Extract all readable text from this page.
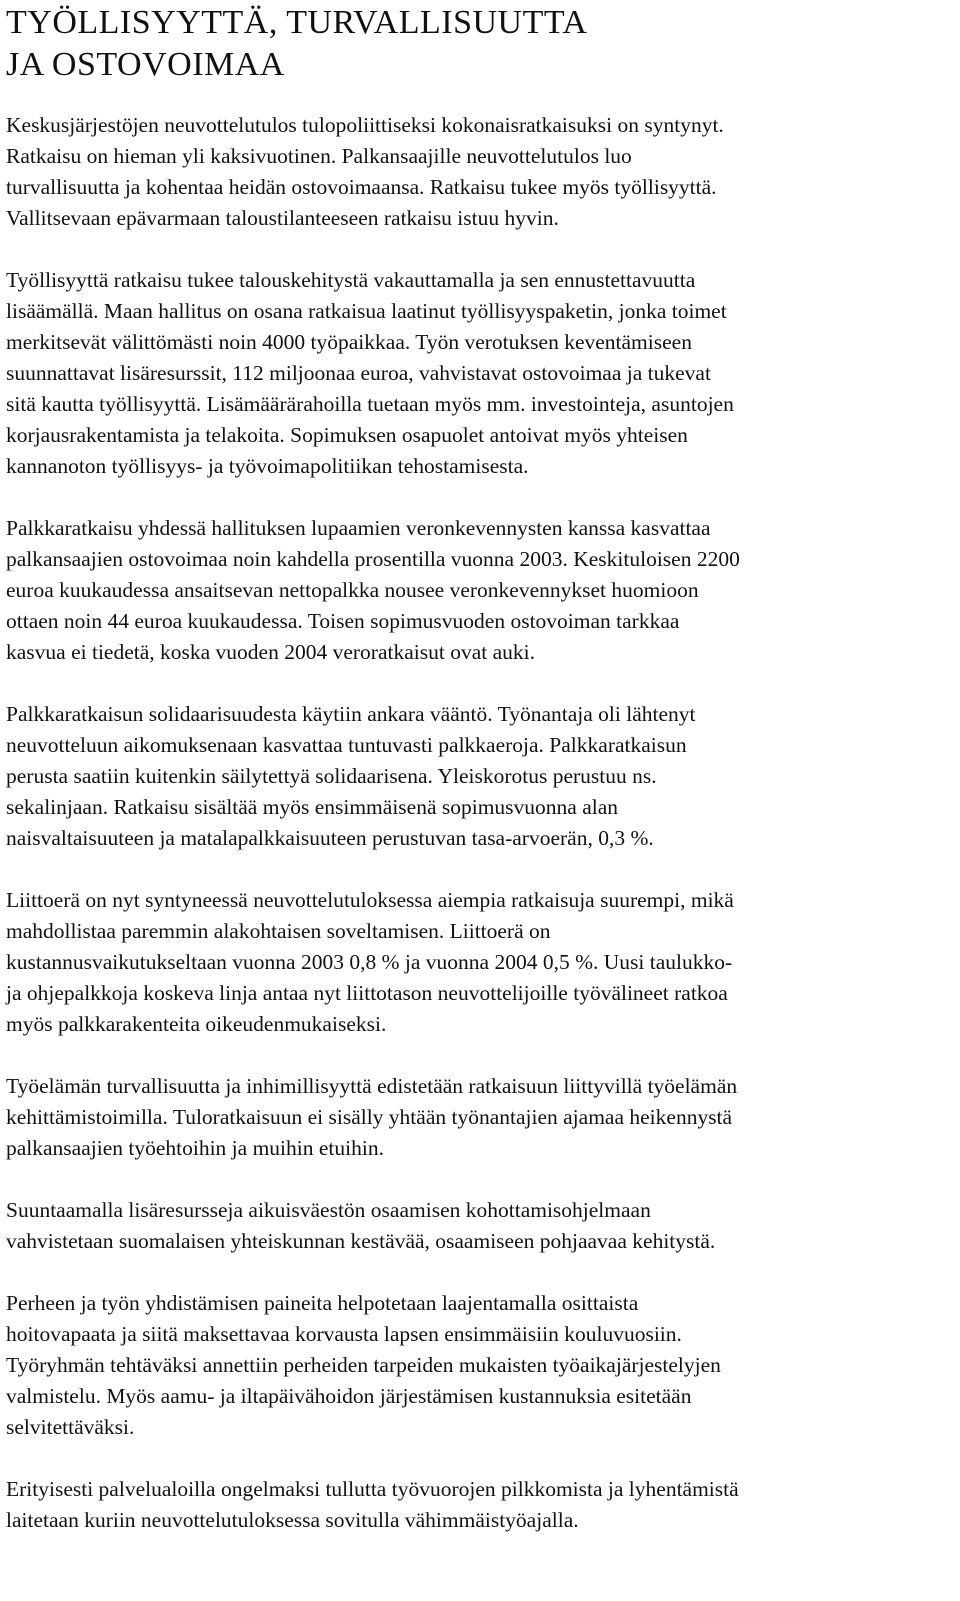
TYÖLLISYYTTÄ, TURVALLISUUTTA
JA OSTOVOIMAA

Keskusjärjestöjen neuvottelutulos tulopoliittiseksi kokonaisratkaisuksi on syntynyt.
Ratkaisu on hieman yli kaksivuotinen. Palkansaajille neuvottelutulos luo
turvallisuutta ja kohentaa heidän ostovoimaansa. Ratkaisu tukee myös työllisyyttä.
Vallitsevaan epävarmaan taloustilanteeseen ratkaisu istuu hyvin.

Työllisyyttä ratkaisu tukee talouskehitystä vakauttamalla ja sen ennustettavuutta
lisäämällä. Maan hallitus on osana ratkaisua laatinut työllisyyspaketin, jonka toimet
merkitsevät välittömästi noin 4000 työpaikkaa. Työn verotuksen keventämiseen
suunnattavat lisäresurssit, 112 miljoonaa euroa, vahvistavat ostovoimaa ja tukevat
sitä kautta työllisyyttä. Lisämäärärahoilla tuetaan myös mm. investointeja, asuntojen
korjausrakentamista ja telakoita. Sopimuksen osapuolet antoivat myös yhteisen
kannanoton työllisyys- ja työvoimapolitiikan tehostamisesta.

Palkkaratkaisu yhdessä hallituksen lupaamien veronkevennysten kanssa kasvattaa
palkansaajien ostovoimaa noin kahdella prosentilla vuonna 2003. Keskituloisen 2200
euroa kuukaudessa ansaitsevan nettopalkka nousee veronkevennykset huomioon
ottaen noin 44 euroa kuukaudessa. Toisen sopimusvuoden ostovoiman tarkkaa
kasvua ei tiedetä, koska vuoden 2004 veroratkaisut ovat auki.

Palkkaratkaisun solidaarisuudesta käytiin ankara vääntö. Työnantaja oli lähtenyt
neuvotteluun aikomuksenaan kasvattaa tuntuvasti palkkaeroja. Palkkaratkaisun
perusta saatiin kuitenkin säilytettyä solidaarisena. Yleiskorotus perustuu ns.
sekalinjaan. Ratkaisu sisältää myös ensimmäisenä sopimusvuonna alan
naisvaltaisuuteen ja matalapalkkaisuuteen perustuvan tasa-arvoerän, 0,3 %.

Liittoerä on nyt syntyneessä neuvottelutuloksessa aiempia ratkaisuja suurempi, mikä
mahdollistaa paremmin alakohtaisen soveltamisen. Liittoerä on
kustannusvaikutukseltaan vuonna 2003 0,8 % ja vuonna 2004 0,5 %. Uusi taulukko-
ja ohjepalkkoja koskeva linja antaa nyt liittotason neuvottelijoille työvälineet ratkoa
myös palkkarakenteita oikeudenmukaiseksi.

Työelämän turvallisuutta ja inhimillisyyttä edistetään ratkaisuun liittyvillä työelämän
kehittämistoimilla. Tuloratkaisuun ei sisälly yhtään työnantajien ajamaa heikennystä
palkansaajien työehtoihin ja muihin etuihin.

Suuntaamalla lisäresursseja aikuisväestön osaamisen kohottamisohjelmaan
vahvistetaan suomalaisen yhteiskunnan kestävää, osaamiseen pohjaavaa kehitystä.

Perheen ja työn yhdistämisen paineita helpotetaan laajentamalla osittaista
hoitovapaata ja siitä maksettavaa korvausta lapsen ensimmäisiin kouluvuosiin.
Työryhmän tehtäväksi annettiin perheiden tarpeiden mukaisten työaikajärjestelyjen
valmistelu. Myös aamu- ja iltapäivähoidon järjestämisen kustannuksia esitetään
selvitettäväksi.

Erityisesti palvelualoilla ongelmaksi tullutta työvuorojen pilkkomista ja lyhentämistä
laitetaan kuriin neuvottelutuloksessa sovitulla vähimmäistyöajalla.
